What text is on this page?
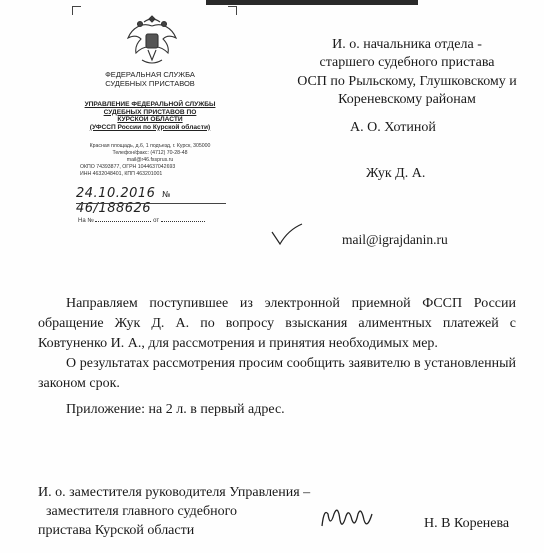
ФЕДЕРАЛЬНАЯ СЛУЖБА
СУДЕБНЫХ ПРИСТАВОВ
УПРАВЛЕНИЕ ФЕДЕРАЛЬНОЙ СЛУЖБЫ
СУДЕБНЫХ ПРИСТАВОВ ПО
КУРСКОЙ ОБЛАСТИ
(УФССП России по Курской области)
Красная площадь, д.6, 1 подъезд, г. Курск, 305000
Телефон/факс: (4712) 70-28-48
mail@r46.fssprus.ru
ОКПО 74393877, ОГРН 1044637042693
ИНН 4632048401, КПП 463201001
24.10.2016 № 46/188626
На №	от
И. о. начальника отдела -
старшего судебного пристава
ОСП по Рыльскому, Глушковскому и
Кореневскому районам
А. О. Хотиной
Жук Д. А.
mail@igrajdanin.ru

Направляем поступившее из электронной приемной ФССП России обращение Жук Д. А. по вопросу взыскания алиментных платежей с Ковтуненко И. А., для рассмотрения и принятия необходимых мер.

О результатах рассмотрения просим сообщить заявителю в установленный законом срок.

Приложение: на 2 л. в первый адрес.
И. о. заместителя руководителя Управления –
заместителя главного судебного
пристава Курской области	Н. В Коренева
